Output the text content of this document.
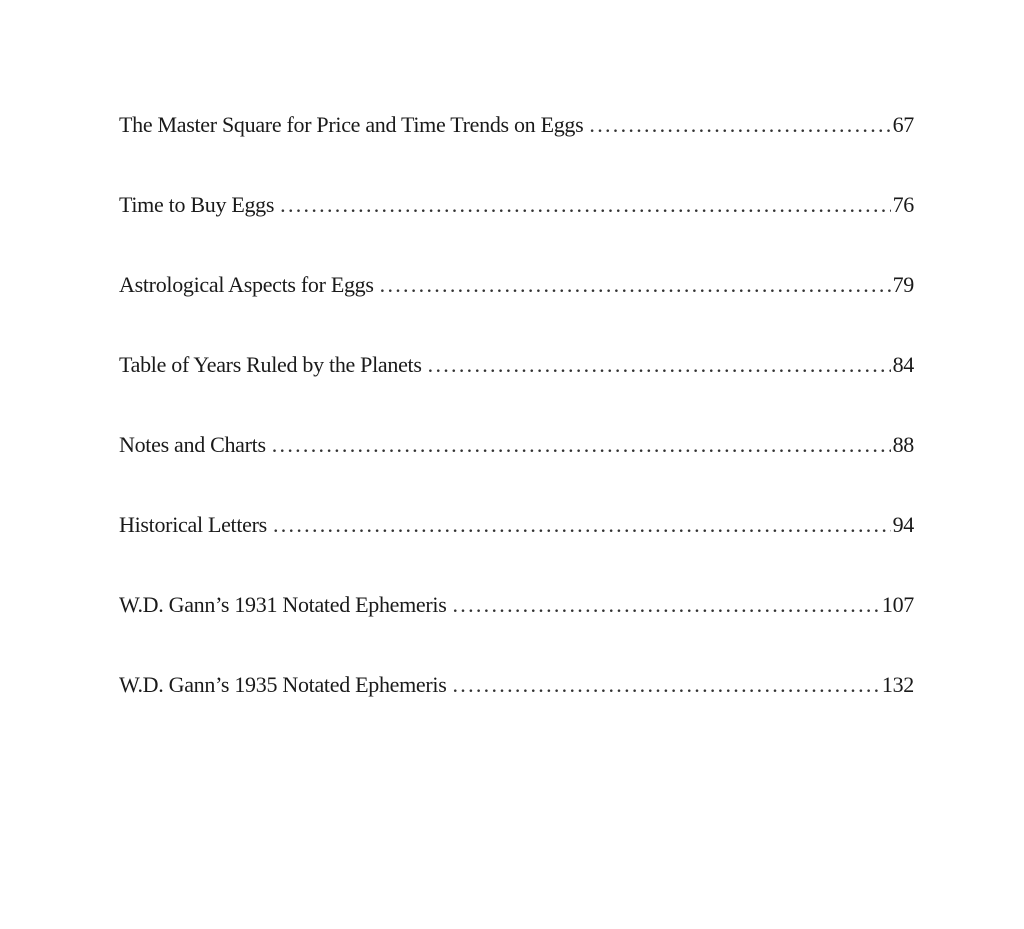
The Master Square for Price and Time Trends on Eggs . . .	67
Time to Buy Eggs . . .	76
Astrological Aspects for Eggs . . .	79
Table of Years Ruled by the Planets . . .	84
Notes and Charts . . .	88
Historical Letters . . .	94
W.D. Gann’s 1931 Notated Ephemeris . . .	107
W.D. Gann’s 1935 Notated Ephemeris . . .	132
